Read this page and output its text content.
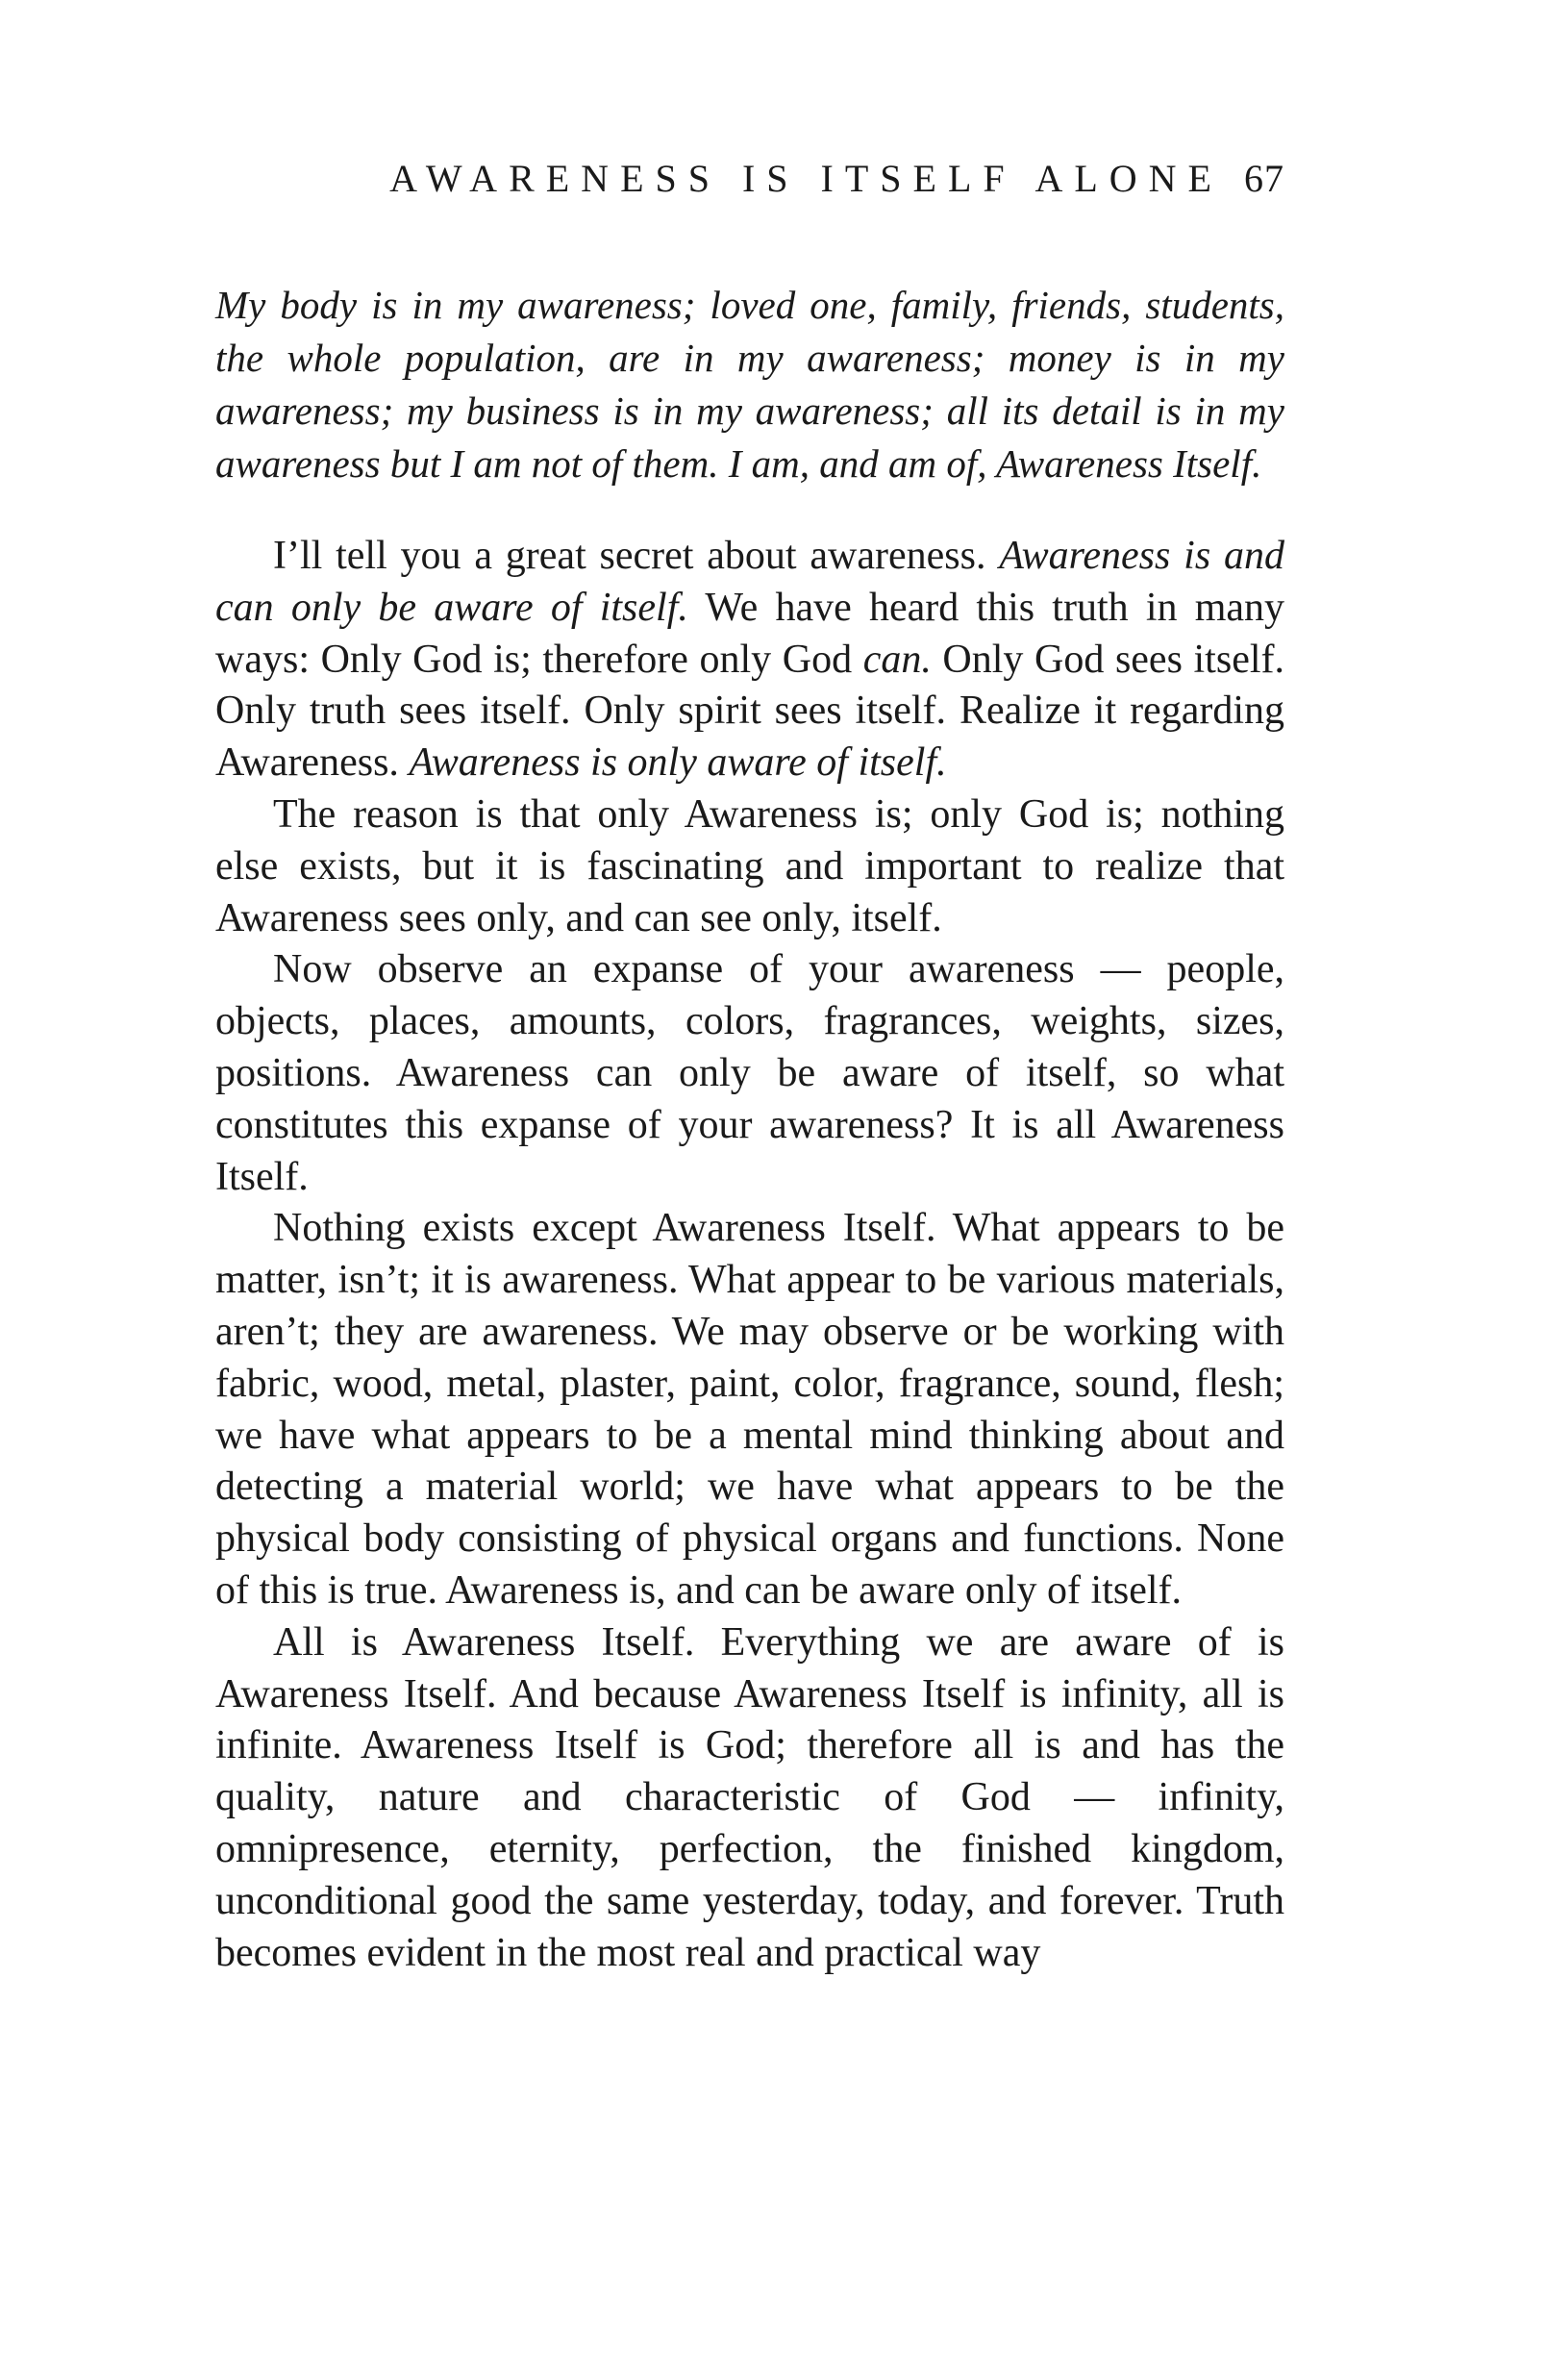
AWARENESS IS ITSELF ALONE 67
My body is in my awareness; loved one, family, friends, students, the whole population, are in my awareness; money is in my awareness; my business is in my awareness; all its detail is in my awareness but I am not of them. I am, and am of, Awareness Itself.

I’ll tell you a great secret about awareness. Awareness is and can only be aware of itself. We have heard this truth in many ways: Only God is; therefore only God can. Only God sees itself. Only truth sees itself. Only spirit sees itself. Realize it regarding Awareness. Awareness is only aware of itself.

The reason is that only Awareness is; only God is; nothing else exists, but it is fascinating and important to realize that Awareness sees only, and can see only, itself.

Now observe an expanse of your awareness — people, objects, places, amounts, colors, fragrances, weights, sizes, positions. Awareness can only be aware of itself, so what constitutes this expanse of your awareness? It is all Awareness Itself.

Nothing exists except Awareness Itself. What appears to be matter, isn’t; it is awareness. What appear to be various materials, aren’t; they are awareness. We may observe or be working with fabric, wood, metal, plaster, paint, color, fragrance, sound, flesh; we have what appears to be a mental mind thinking about and detecting a material world; we have what appears to be the physical body consisting of physical organs and functions. None of this is true. Awareness is, and can be aware only of itself.

All is Awareness Itself. Everything we are aware of is Awareness Itself. And because Awareness Itself is infinity, all is infinite. Awareness Itself is God; therefore all is and has the quality, nature and characteristic of God — infinity, omnipresence, eternity, perfection, the finished kingdom, unconditional good the same yesterday, today, and forever. Truth becomes evident in the most real and practical way
